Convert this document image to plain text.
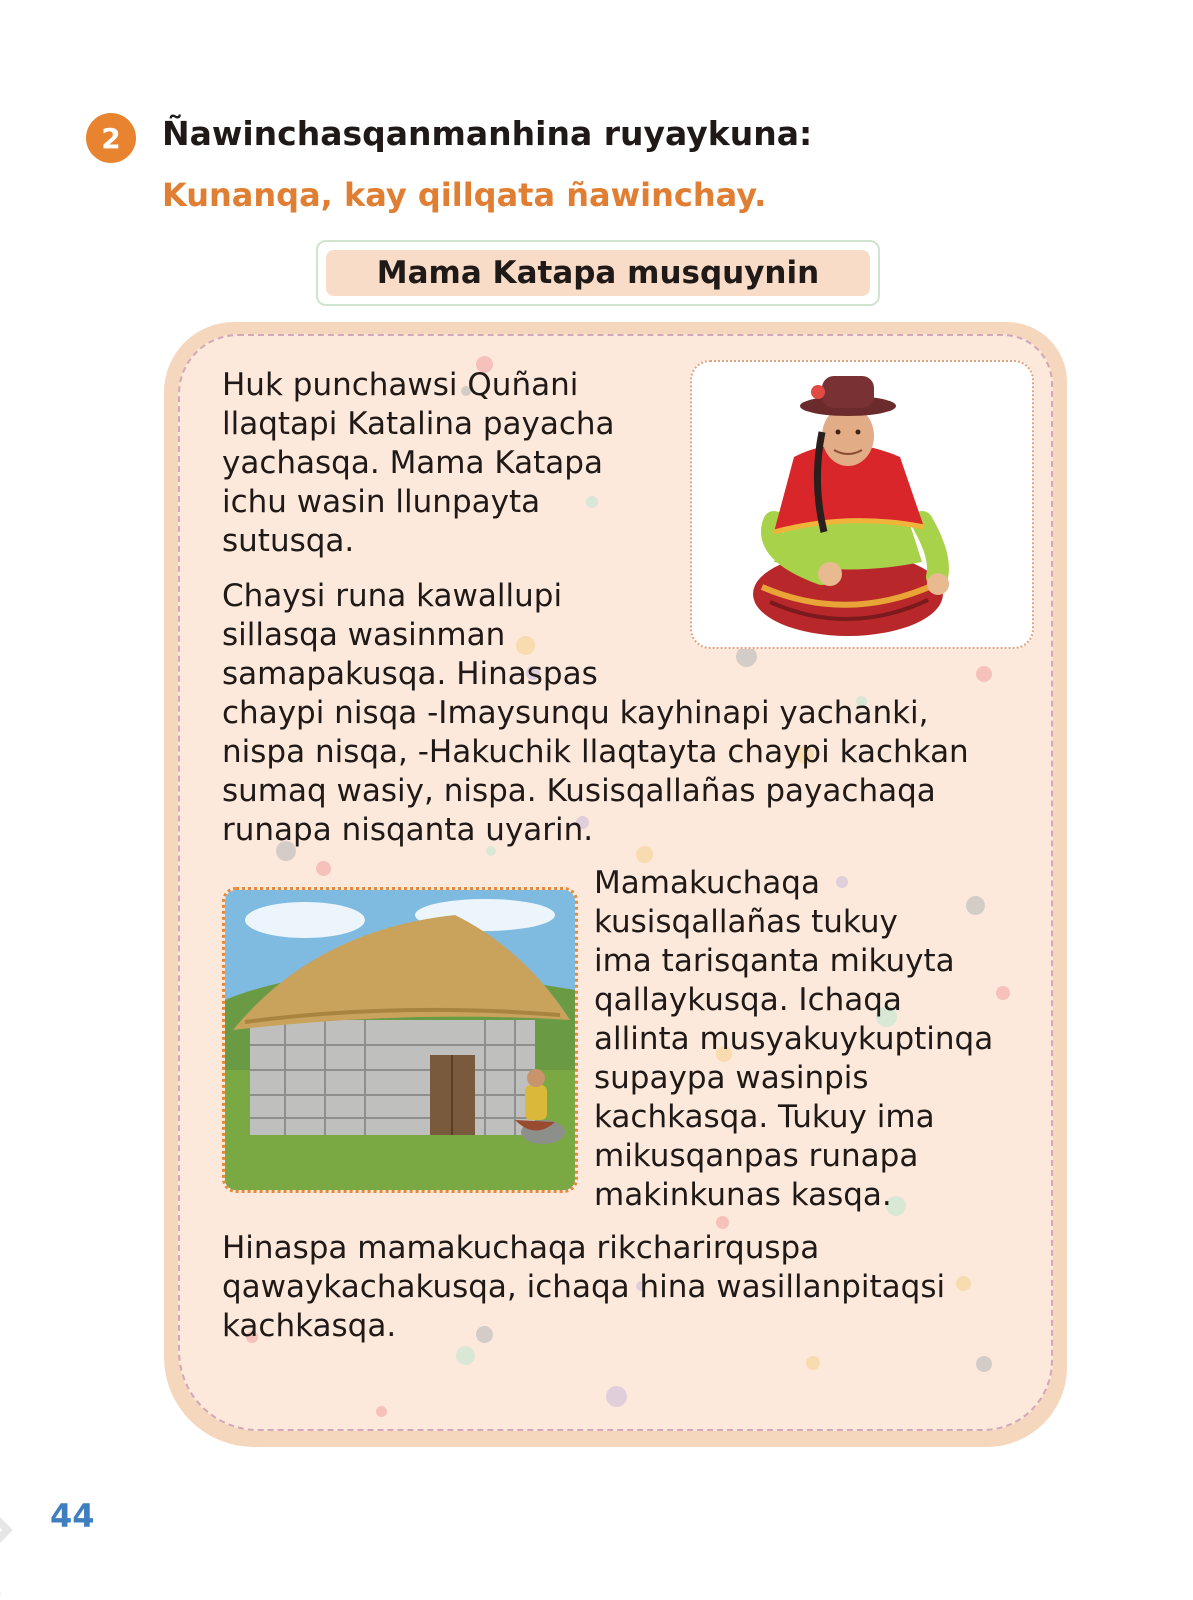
2	Ñawinchasqanmanhina ruyaykuna:
Kunanqa, kay qillqata ñawinchay.
Mama Katapa musquynin

Huk punchawsi Quñani
llaqtapi Katalina payacha
yachasqa. Mama Katapa
ichu wasin llunpayta
sutusqa.

Chaysi runa kawallupi
sillasqa wasinman
samapakusqa. Hinaspas
chaypi nisqa -Imaysunqu kayhinapi yachanki,
nispa nisqa, -Hakuchik llaqtayta chaypi kachkan
sumaq wasiy, nispa. Kusisqallañas payachaqa
runapa nisqanta uyarin.

Mamakuchaqa
kusisqallañas tukuy
ima tarisqanta mikuyta
qallaykusqa. Ichaqa
allinta musyakuykuptinqa
supaypa wasinpis
kachkasqa. Tukuy ima
mikusqanpas runapa
makinkunas kasqa.

Hinaspa mamakuchaqa rikcharirquspa
qawaykachakusqa, ichaqa hina wasillanpitaqsi
kachkasqa.

44
